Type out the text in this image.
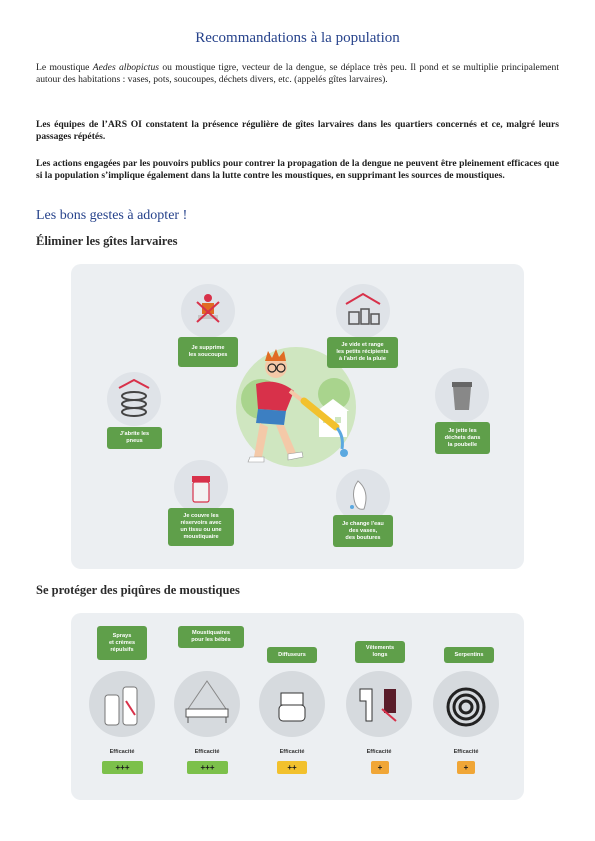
Recommandations à la population
Le moustique Aedes albopictus ou moustique tigre, vecteur de la dengue, se déplace très peu. Il pond et se multiplie principalement autour des habitations : vases, pots, soucoupes, déchets divers, etc. (appelés gîtes larvaires).
Les équipes de l’ARS OI constatent la présence régulière de gîtes larvaires dans les quartiers concernés et ce, malgré leurs passages répétés.
Les actions engagées par les pouvoirs publics pour contrer la propagation de la dengue ne peuvent être pleinement efficaces que si la population s’implique également dans la lutte contre les moustiques, en supprimant les sources de moustiques.
Les bons gestes à adopter !
Éliminer les gîtes larvaires
Je supprime
les soucoupes
Je vide et range
les petits récipients
à l’abri de la pluie
J’abrite les
pneus
Je jette les
déchets dans
la poubelle
Je couvre les
réservoirs avec
un tissu ou une
moustiquaire
Je change l’eau
des vases,
des boutures
Se protéger des piqûres de moustiques
Sprays
et crèmes
répulsifs
Efficacité
+++
Moustiquaires
pour les bébés
Efficacité
+++
Diffuseurs
Efficacité
++
Vêtements
longs
Efficacité
+
Serpentins
Efficacité
+
